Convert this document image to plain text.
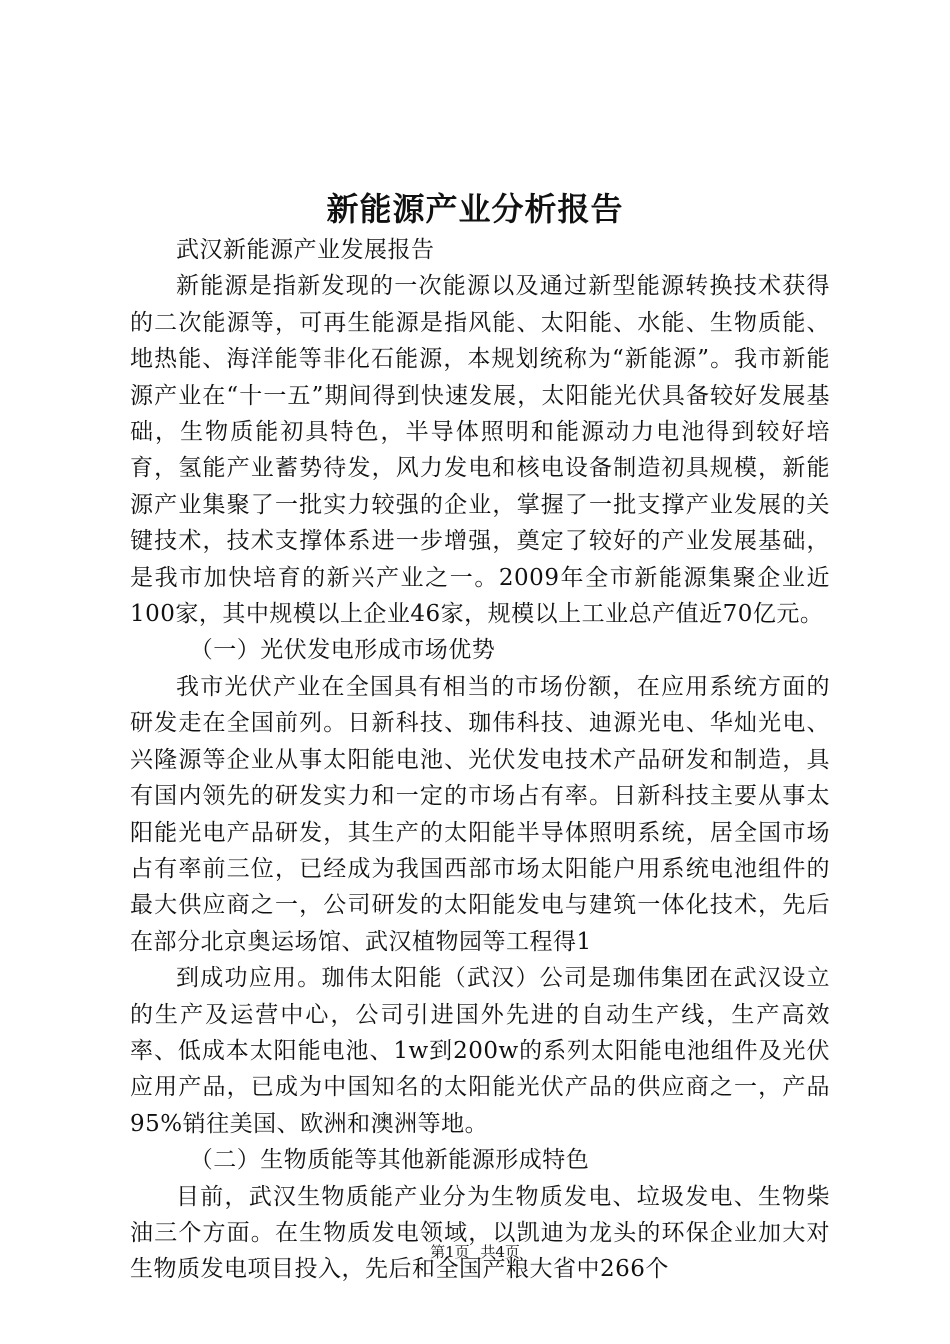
新能源产业分析报告

武汉新能源产业发展报告

新能源是指新发现的一次能源以及通过新型能源转换技术获得的二次能源等，可再生能源是指风能、太阳能、水能、生物质能、地热能、海洋能等非化石能源，本规划统称为“新能源”。我市新能源产业在“十一五”期间得到快速发展，太阳能光伏具备较好发展基础，生物质能初具特色，半导体照明和能源动力电池得到较好培育，氢能产业蓄势待发，风力发电和核电设备制造初具规模，新能源产业集聚了一批实力较强的企业，掌握了一批支撑产业发展的关键技术，技术支撑体系进一步增强，奠定了较好的产业发展基础，是我市加快培育的新兴产业之一。2009年全市新能源集聚企业近100家，其中规模以上企业46家，规模以上工业总产值近70亿元。

（一）光伏发电形成市场优势

我市光伏产业在全国具有相当的市场份额，在应用系统方面的研发走在全国前列。日新科技、珈伟科技、迪源光电、华灿光电、兴隆源等企业从事太阳能电池、光伏发电技术产品研发和制造，具有国内领先的研发实力和一定的市场占有率。日新科技主要从事太阳能光电产品研发，其生产的太阳能半导体照明系统，居全国市场占有率前三位，已经成为我国西部市场太阳能户用系统电池组件的最大供应商之一，公司研发的太阳能发电与建筑一体化技术，先后在部分北京奥运场馆、武汉植物园等工程得1

到成功应用。珈伟太阳能（武汉）公司是珈伟集团在武汉设立的生产及运营中心，公司引进国外先进的自动生产线，生产高效率、低成本太阳能电池、1w到200w的系列太阳能电池组件及光伏应用产品，已成为中国知名的太阳能光伏产品的供应商之一，产品95%销往美国、欧洲和澳洲等地。

（二）生物质能等其他新能源形成特色

目前，武汉生物质能产业分为生物质发电、垃圾发电、生物柴油三个方面。在生物质发电领域，以凯迪为龙头的环保企业加大对生物质发电项目投入，先后和全国产粮大省中266个

第1页 共4页
